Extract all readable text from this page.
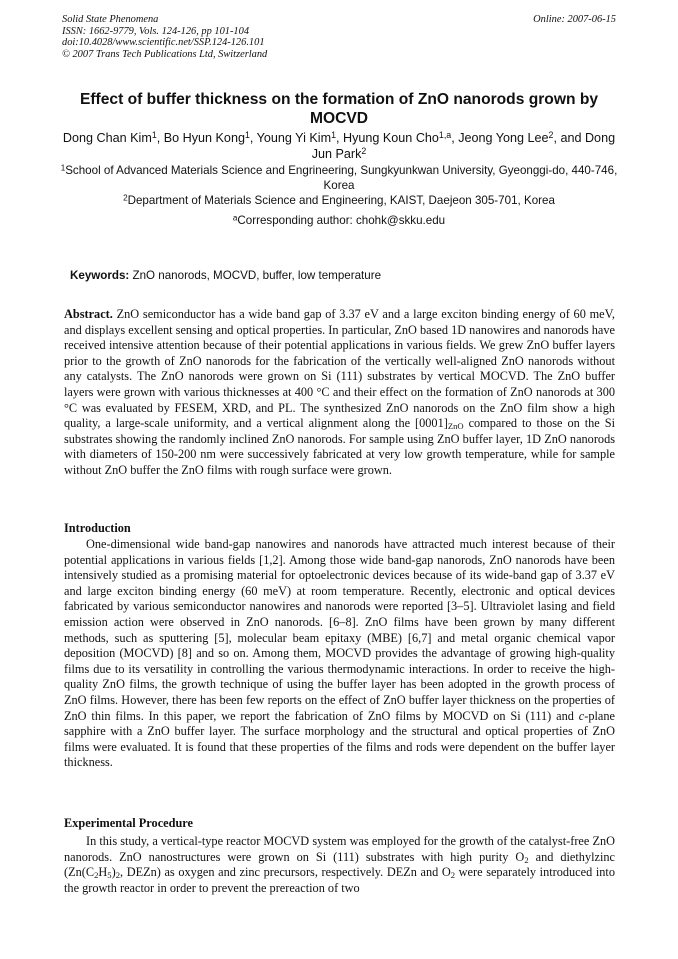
Solid State Phenomena
ISSN: 1662-9779, Vols. 124-126, pp 101-104
doi:10.4028/www.scientific.net/SSP.124-126.101
© 2007 Trans Tech Publications Ltd, Switzerland
Online: 2007-06-15
Effect of buffer thickness on the formation of ZnO nanorods grown by MOCVD
Dong Chan Kim$^1$, Bo Hyun Kong$^1$, Young Yi Kim$^1$, Hyung Koun Cho$^{1,a}$, Jeong Yong Lee$^2$, and Dong Jun Park$^2$
$^1$School of Advanced Materials Science and Engrineering, Sungkyunkwan University, Gyeonggi-do, 440-746, Korea
$^2$Department of Materials Science and Engineering, KAIST, Daejeon 305-701, Korea
$^a$Corresponding author: chohk@skku.edu
Keywords: ZnO nanorods, MOCVD, buffer, low temperature
Abstract. ZnO semiconductor has a wide band gap of 3.37 eV and a large exciton binding energy of 60 meV, and displays excellent sensing and optical properties. In particular, ZnO based 1D nanowires and nanorods have received intensive attention because of their potential applications in various fields. We grew ZnO buffer layers prior to the growth of ZnO nanorods for the fabrication of the vertically well-aligned ZnO nanorods without any catalysts. The ZnO nanorods were grown on Si (111) substrates by vertical MOCVD. The ZnO buffer layers were grown with various thicknesses at 400 °C and their effect on the formation of ZnO nanorods at 300 °C was evaluated by FESEM, XRD, and PL. The synthesized ZnO nanorods on the ZnO film show a high quality, a large-scale uniformity, and a vertical alignment along the $[0001]_{ZnO}$ compared to those on the Si substrates showing the randomly inclined ZnO nanorods. For sample using ZnO buffer layer, 1D ZnO nanorods with diameters of 150-200 nm were successively fabricated at very low growth temperature, while for sample without ZnO buffer the ZnO films with rough surface were grown.
Introduction
One-dimensional wide band-gap nanowires and nanorods have attracted much interest because of their potential applications in various fields [1,2]. Among those wide band-gap nanorods, ZnO nanorods have been intensively studied as a promising material for optoelectronic devices because of its wide-band gap of 3.37 eV and large exciton binding energy (60 meV) at room temperature. Recently, electronic and optical devices fabricated by various semiconductor nanowires and nanorods were reported [3–5]. Ultraviolet lasing and field emission action were observed in ZnO nanorods. [6–8]. ZnO films have been grown by many different methods, such as sputtering [5], molecular beam epitaxy (MBE) [6,7] and metal organic chemical vapor deposition (MOCVD) [8] and so on. Among them, MOCVD provides the advantage of growing high-quality films due to its versatility in controlling the various thermodynamic interactions. In order to receive the high-quality ZnO films, the growth technique of using the buffer layer has been adopted in the growth process of ZnO films. However, there has been few reports on the effect of ZnO buffer layer thickness on the properties of ZnO thin films. In this paper, we report the fabrication of ZnO films by MOCVD on Si (111) and c-plane sapphire with a ZnO buffer layer. The surface morphology and the structural and optical properties of ZnO films were evaluated. It is found that these properties of the films and rods were dependent on the buffer layer thickness.
Experimental Procedure
In this study, a vertical-type reactor MOCVD system was employed for the growth of the catalyst-free ZnO nanorods. ZnO nanostructures were grown on Si (111) substrates with high purity $O_2$ and diethylzinc ($Zn(C_2H_5)_2$, DEZn) as oxygen and zinc precursors, respectively. DEZn and $O_2$ were separately introduced into the growth reactor in order to prevent the prereaction of two
